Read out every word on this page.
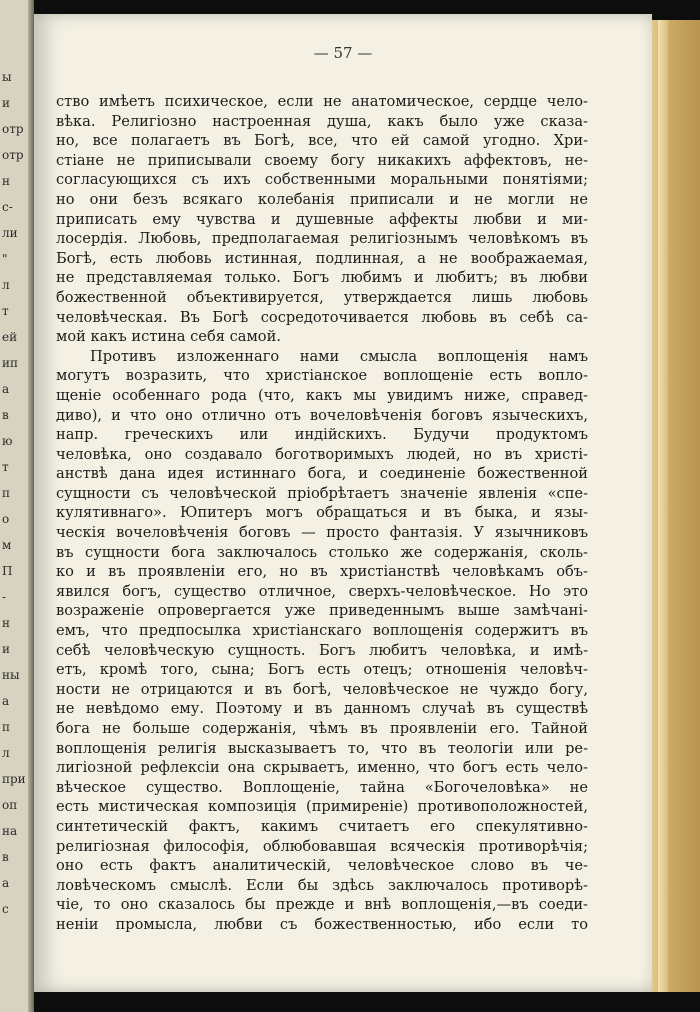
ы
и
отр
отр
н
с-
ли
"
л
т
ей
ип
а
в
ю
т
п
о
м
П
-
н
и
ны
а
п
л
при
оп
на
в
а
с
— 57 —
ство имѣетъ психическое, если не анатомическое, сердце чело-
вѣка. Религіозно настроенная душа, какъ было уже сказа-
но, все полагаетъ въ Богѣ, все, что ей самой угодно. Хри-
стіане не приписывали своему богу никакихъ аффектовъ, не-
согласующихся съ ихъ собственными моральными понятіями;
но они безъ всякаго колебанія приписали и не могли не
приписать ему чувства и душевные аффекты любви и ми-
лосердія. Любовь, предполагаемая религіознымъ человѣкомъ въ
Богѣ, есть любовь истинная, подлинная, а не воображаемая,
не представляемая только. Богъ любимъ и любитъ; въ любви
божественной объективируется, утверждается лишь любовь
человѣческая. Въ Богѣ сосредоточивается любовь въ себѣ са-
мой какъ истина себя самой.
Противъ изложеннаго нами смысла воплощенія намъ
могутъ возразить, что христіанское воплощеніе есть вопло-
щеніе особеннаго рода (что, какъ мы увидимъ ниже, справед-
диво), и что оно отлично отъ вочеловѣченія боговъ языческихъ,
напр. греческихъ или индійскихъ. Будучи продуктомъ
человѣка, оно создавало боготворимыхъ людей, но въ христі-
анствѣ дана идея истиннаго бога, и соединеніе божественной
сущности съ человѣческой пріобрѣтаетъ значеніе явленія «спе-
кулятивнаго». Юпитеръ могъ обращаться и въ быка, и язы-
ческія вочеловѣченія боговъ — просто фантазія. У язычниковъ
въ сущности бога заключалось столько же содержанія, сколь-
ко и въ проявленіи его, но въ христіанствѣ человѣкамъ объ-
явился богъ, существо отличное, сверхъ-человѣческое. Но это
возраженіе опровергается уже приведеннымъ выше замѣчані-
емъ, что предпосылка христіанскаго воплощенія содержитъ въ
себѣ человѣческую сущность. Богъ любитъ человѣка, и имѣ-
етъ, кромѣ того, сына; Богъ есть отецъ; отношенія человѣч-
ности не отрицаются и въ богѣ, человѣческое не чуждо богу,
не невѣдомо ему. Поэтому и въ данномъ случаѣ въ существѣ
бога не больше содержанія, чѣмъ въ проявленіи его. Тайной
воплощенія религія высказываетъ то, что въ теологіи или ре-
лигіозной рефлексіи она скрываетъ, именно, что богъ есть чело-
вѣческое существо. Воплощеніе, тайна «Богочеловѣка» не
есть мистическая композиція (примиреніе) противоположностей,
синтетическій фактъ, какимъ считаетъ его спекулятивно-
религіозная философія, облюбовавшая всяческія противорѣчія;
оно есть фактъ аналитическій, человѣческое слово въ че-
ловѣческомъ смыслѣ. Если бы здѣсь заключалось противорѣ-
чіе, то оно сказалось бы прежде и внѣ воплощенія,—въ соеди-
неніи промысла, любви съ божественностью, ибо если то
